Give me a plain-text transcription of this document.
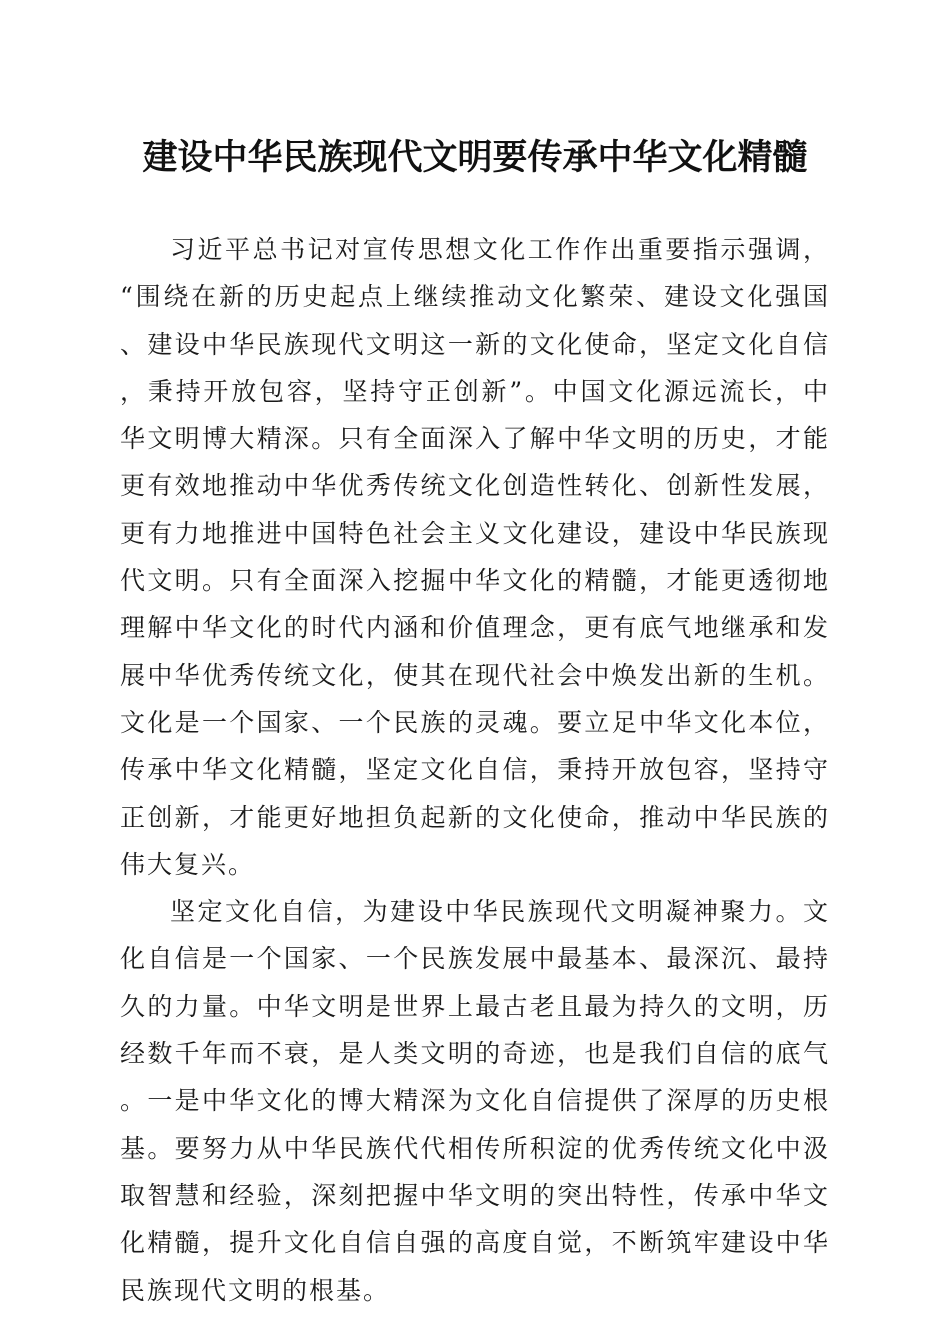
建设中华民族现代文明要传承中华文化精髓

习近平总书记对宣传思想文化工作作出重要指示强调，“围绕在新的历史起点上继续推动文化繁荣、建设文化强国、建设中华民族现代文明这一新的文化使命，坚定文化自信，秉持开放包容，坚持守正创新”。中国文化源远流长，中华文明博大精深。只有全面深入了解中华文明的历史，才能更有效地推动中华优秀传统文化创造性转化、创新性发展，更有力地推进中国特色社会主义文化建设，建设中华民族现代文明。只有全面深入挖掘中华文化的精髓，才能更透彻地理解中华文化的时代内涵和价值理念，更有底气地继承和发展中华优秀传统文化，使其在现代社会中焕发出新的生机。文化是一个国家、一个民族的灵魂。要立足中华文化本位，传承中华文化精髓，坚定文化自信，秉持开放包容，坚持守正创新，才能更好地担负起新的文化使命，推动中华民族的伟大复兴。

坚定文化自信，为建设中华民族现代文明凝神聚力。文化自信是一个国家、一个民族发展中最基本、最深沉、最持久的力量。中华文明是世界上最古老且最为持久的文明，历经数千年而不衰，是人类文明的奇迹，也是我们自信的底气。一是中华文化的博大精深为文化自信提供了深厚的历史根基。要努力从中华民族代代相传所积淀的优秀传统文化中汲取智慧和经验，深刻把握中华文明的突出特性，传承中华文化精髓，提升文化自信自强的高度自觉，不断筑牢建设中华民族现代文明的根基。
